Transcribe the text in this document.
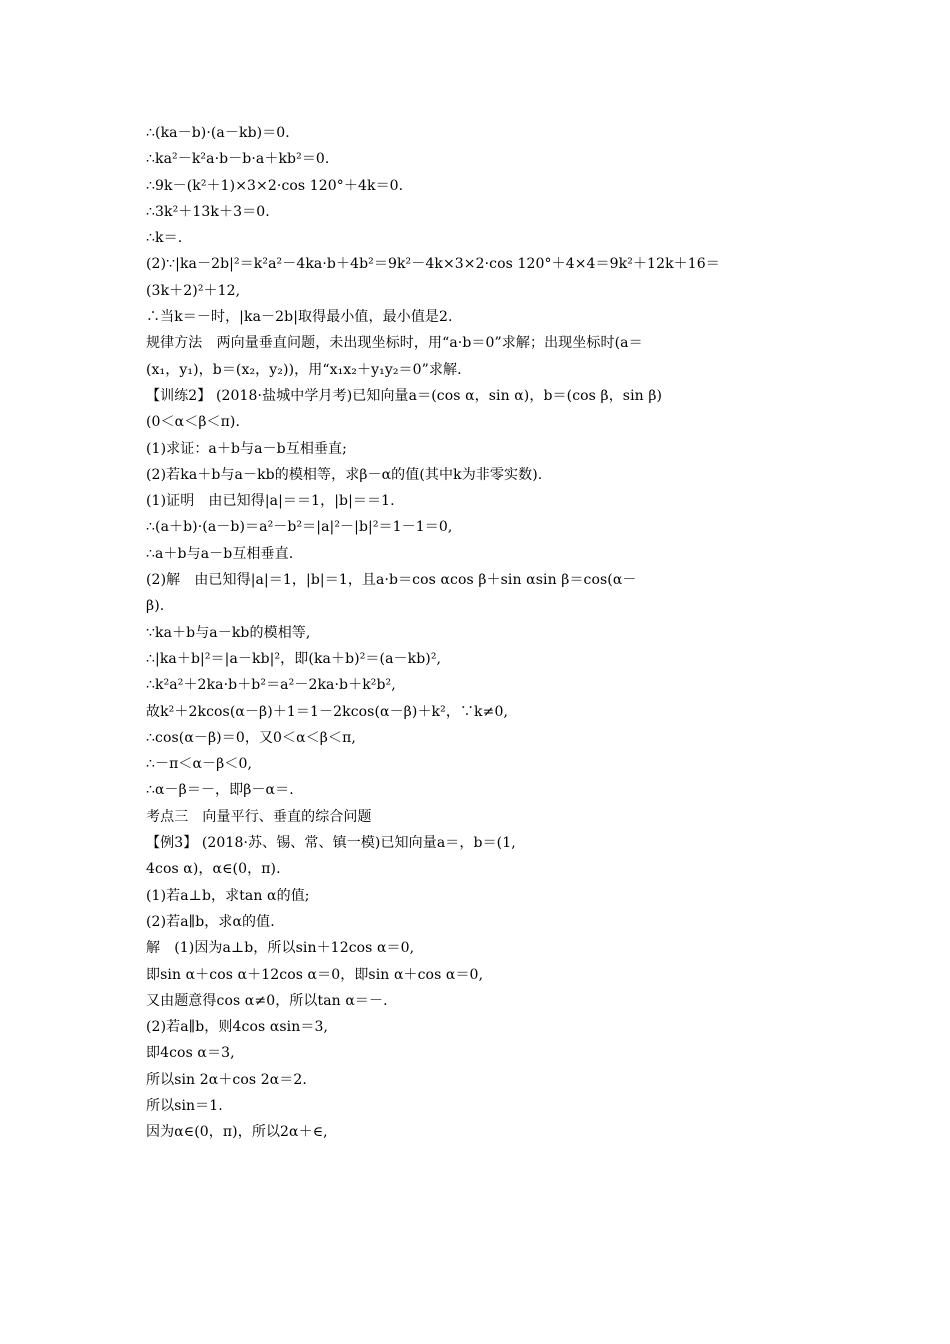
∴(ka－b)·(a－kb)＝0.
∴ka²－k²a·b－b·a＋kb²＝0.
∴9k－(k²＋1)×3×2·cos 120°＋4k＝0.
∴3k²＋13k＋3＝0.
∴k＝.
(2)∵|ka－2b|²＝k²a²－4ka·b＋4b²＝9k²－4k×3×2·cos 120°＋4×4＝9k²＋12k＋16＝
(3k＋2)²＋12,
∴当k＝－时，|ka－2b|取得最小值，最小值是2.
规律方法　两向量垂直问题，未出现坐标时，用“a·b＝0”求解；出现坐标时(a＝
(x₁，y₁)，b＝(x₂，y₂))，用“x₁x₂＋y₁y₂＝0”求解.
【训练2】 (2018·盐城中学月考)已知向量a＝(cos α，sin α)，b＝(cos β，sin β)
(0＜α＜β＜π).
(1)求证：a＋b与a－b互相垂直;
(2)若ka＋b与a－kb的模相等，求β－α的值(其中k为非零实数).
(1)证明　由已知得|a|＝＝1，|b|＝＝1.
∴(a＋b)·(a－b)＝a²－b²＝|a|²－|b|²＝1－1＝0,
∴a＋b与a－b互相垂直.
(2)解　由已知得|a|＝1，|b|＝1，且a·b＝cos αcos β＋sin αsin β＝cos(α－
β).
∵ka＋b与a－kb的模相等,
∴|ka＋b|²＝|a－kb|²，即(ka＋b)²＝(a－kb)²,
∴k²a²＋2ka·b＋b²＝a²－2ka·b＋k²b²,
故k²＋2kcos(α－β)＋1＝1－2kcos(α－β)＋k²，∵k≠0,
∴cos(α－β)＝0，又0＜α＜β＜π,
∴－π＜α－β＜0,
∴α－β＝－，即β－α＝.
考点三　向量平行、垂直的综合问题
【例3】 (2018·苏、锡、常、镇一模)已知向量a＝，b＝(1,
4cos α)，α∈(0，π).
(1)若a⊥b，求tan α的值;
(2)若a∥b，求α的值.
解　(1)因为a⊥b，所以sin＋12cos α＝0,
即sin α＋cos α＋12cos α＝0，即sin α＋cos α＝0,
又由题意得cos α≠0，所以tan α＝－.
(2)若a∥b，则4cos αsin＝3,
即4cos α＝3,
所以sin 2α＋cos 2α＝2.
所以sin＝1.
因为α∈(0，π)，所以2α＋∈,
